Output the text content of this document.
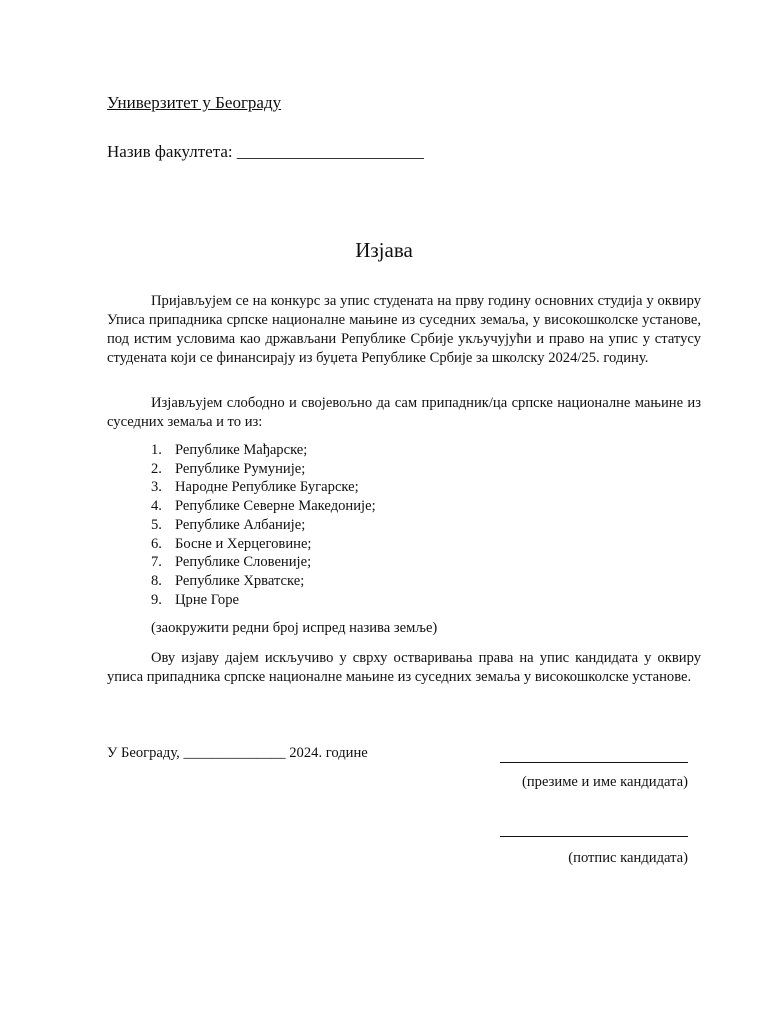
Универзитет у Београду
Назив факултета: ______________________
Изјава
Пријављујем се на конкурс за упис студената на прву годину основних студија у оквиру Уписа припадника српске националне мањине из суседних земаља, у високошколске установе, под истим условима као држављани Републике Србије укључујући и право на упис у статусу студената који се финансирају из буџета Републике Србије за школску 2024/25. годину.
Изјављујем слободно и својевољно да сам припадник/ца српске националне мањине из суседних земаља и то из:
1. Републике Мађарске;
2. Републике Румуније;
3. Народне Републике Бугарске;
4. Републике Северне Македоније;
5. Републике Албаније;
6. Босне и Херцеговине;
7. Републике Словеније;
8. Републике Хрватске;
9. Црне Горе
(заокружити редни број испред назива земље)
Ову изјаву дајем искључиво у сврху остваривања права на упис кандидата у оквиру уписа припадника српске националне мањине из суседних земаља у високошколске установе.
У Београду, ______________ 2024. године
(презиме и име кандидата)
(потпис кандидата)
